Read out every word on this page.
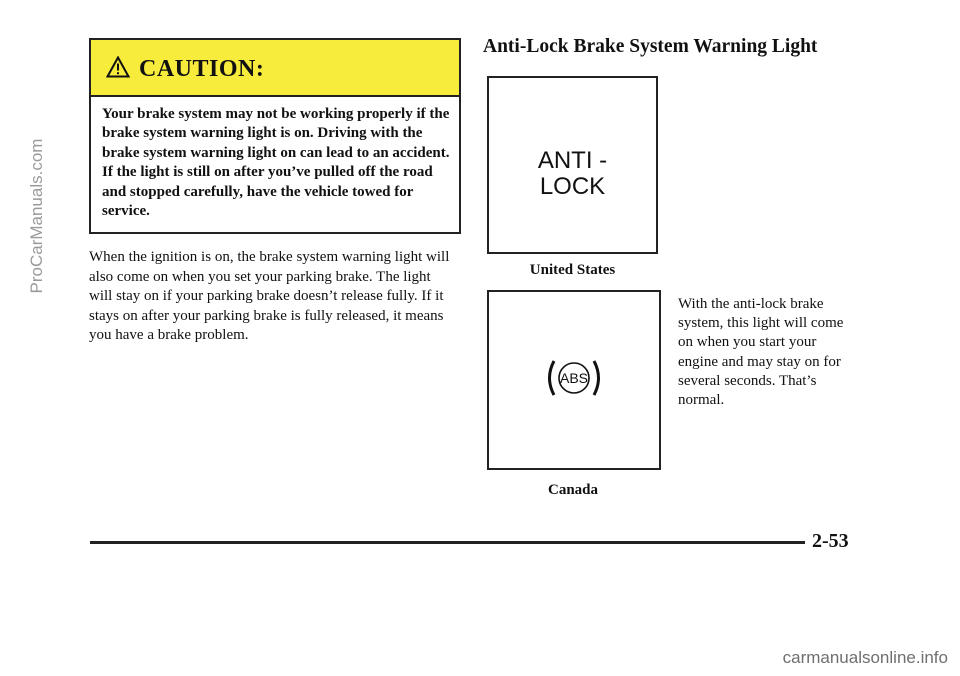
CAUTION:
Your brake system may not be working properly if the brake system warning light is on. Driving with the brake system warning light on can lead to an accident. If the light is still on after you’ve pulled off the road and stopped carefully, have the vehicle towed for service.
When the ignition is on, the brake system warning light will also come on when you set your parking brake. The light will stay on if your parking brake doesn’t release fully. If it stays on after your parking brake is fully released, it means you have a brake problem.
Anti-Lock Brake System Warning Light
ANTI -
LOCK
United States
ABS
Canada
With the anti-lock brake system, this light will come on when you start your engine and may stay on for several seconds. That’s normal.
2-53
ProCarManuals.com
carmanualsonline.info
